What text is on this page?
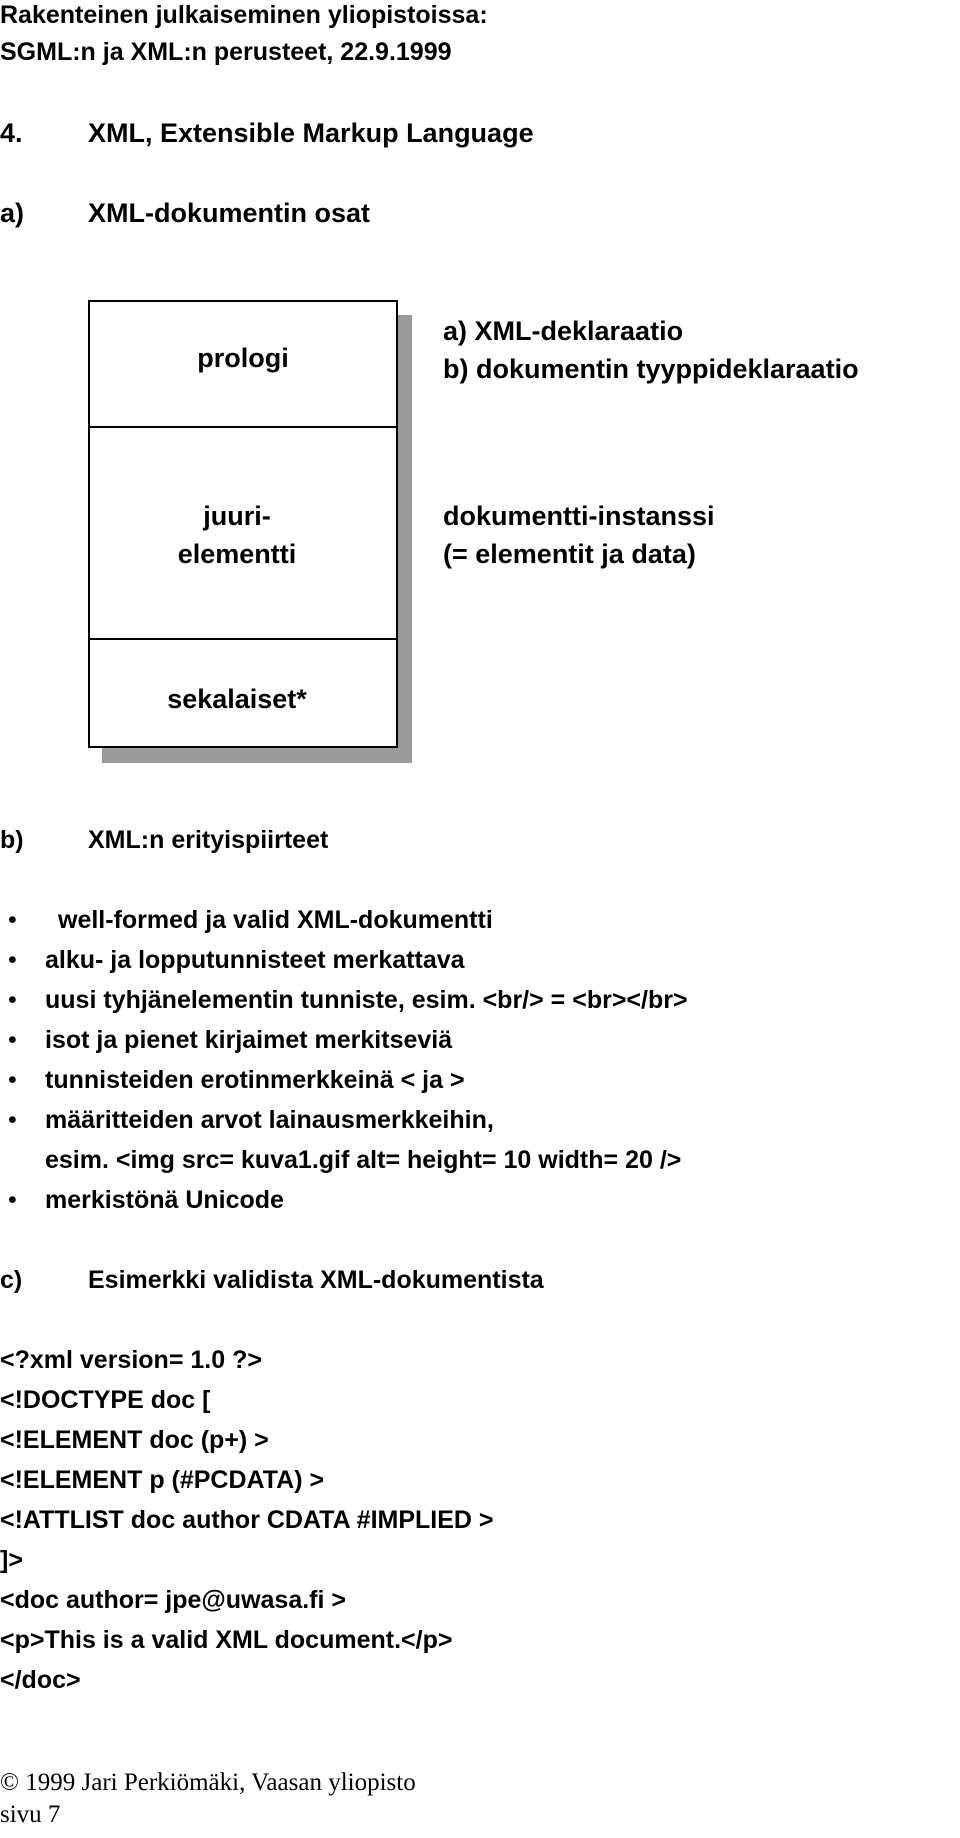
Rakenteinen julkaiseminen yliopistoissa:
SGML:n ja XML:n perusteet, 22.9.1999
4. XML, Extensible Markup Language
a) XML-dokumentin osat
prologi
juuri-
elementti
sekalaiset*
a) XML-deklaraatio
b) dokumentin tyyppideklaraatio
dokumentti-instanssi
(= elementit ja data)
b)	XML:n erityispiirteet
• well-formed ja valid XML-dokumentti
• alku- ja lopputunnisteet merkattava
• uusi tyhjänelementin tunniste, esim. <br/> = <br></br>
• isot ja pienet kirjaimet merkitseviä
• tunnisteiden erotinmerkkeinä < ja >
• määritteiden arvot lainausmerkkeihin,
esim. <img src= kuva1.gif alt= height= 10 width= 20 />
• merkistönä Unicode
c)	Esimerkki validista XML-dokumentista
<?xml version= 1.0 ?>
<!DOCTYPE doc [
<!ELEMENT doc (p+) >
<!ELEMENT p (#PCDATA) >
<!ATTLIST doc author CDATA #IMPLIED >
]>
<doc author= jpe@uwasa.fi >
<p>This is a valid XML document.</p>
</doc>
© 1999 Jari Perkiömäki, Vaasan yliopisto
sivu 7
